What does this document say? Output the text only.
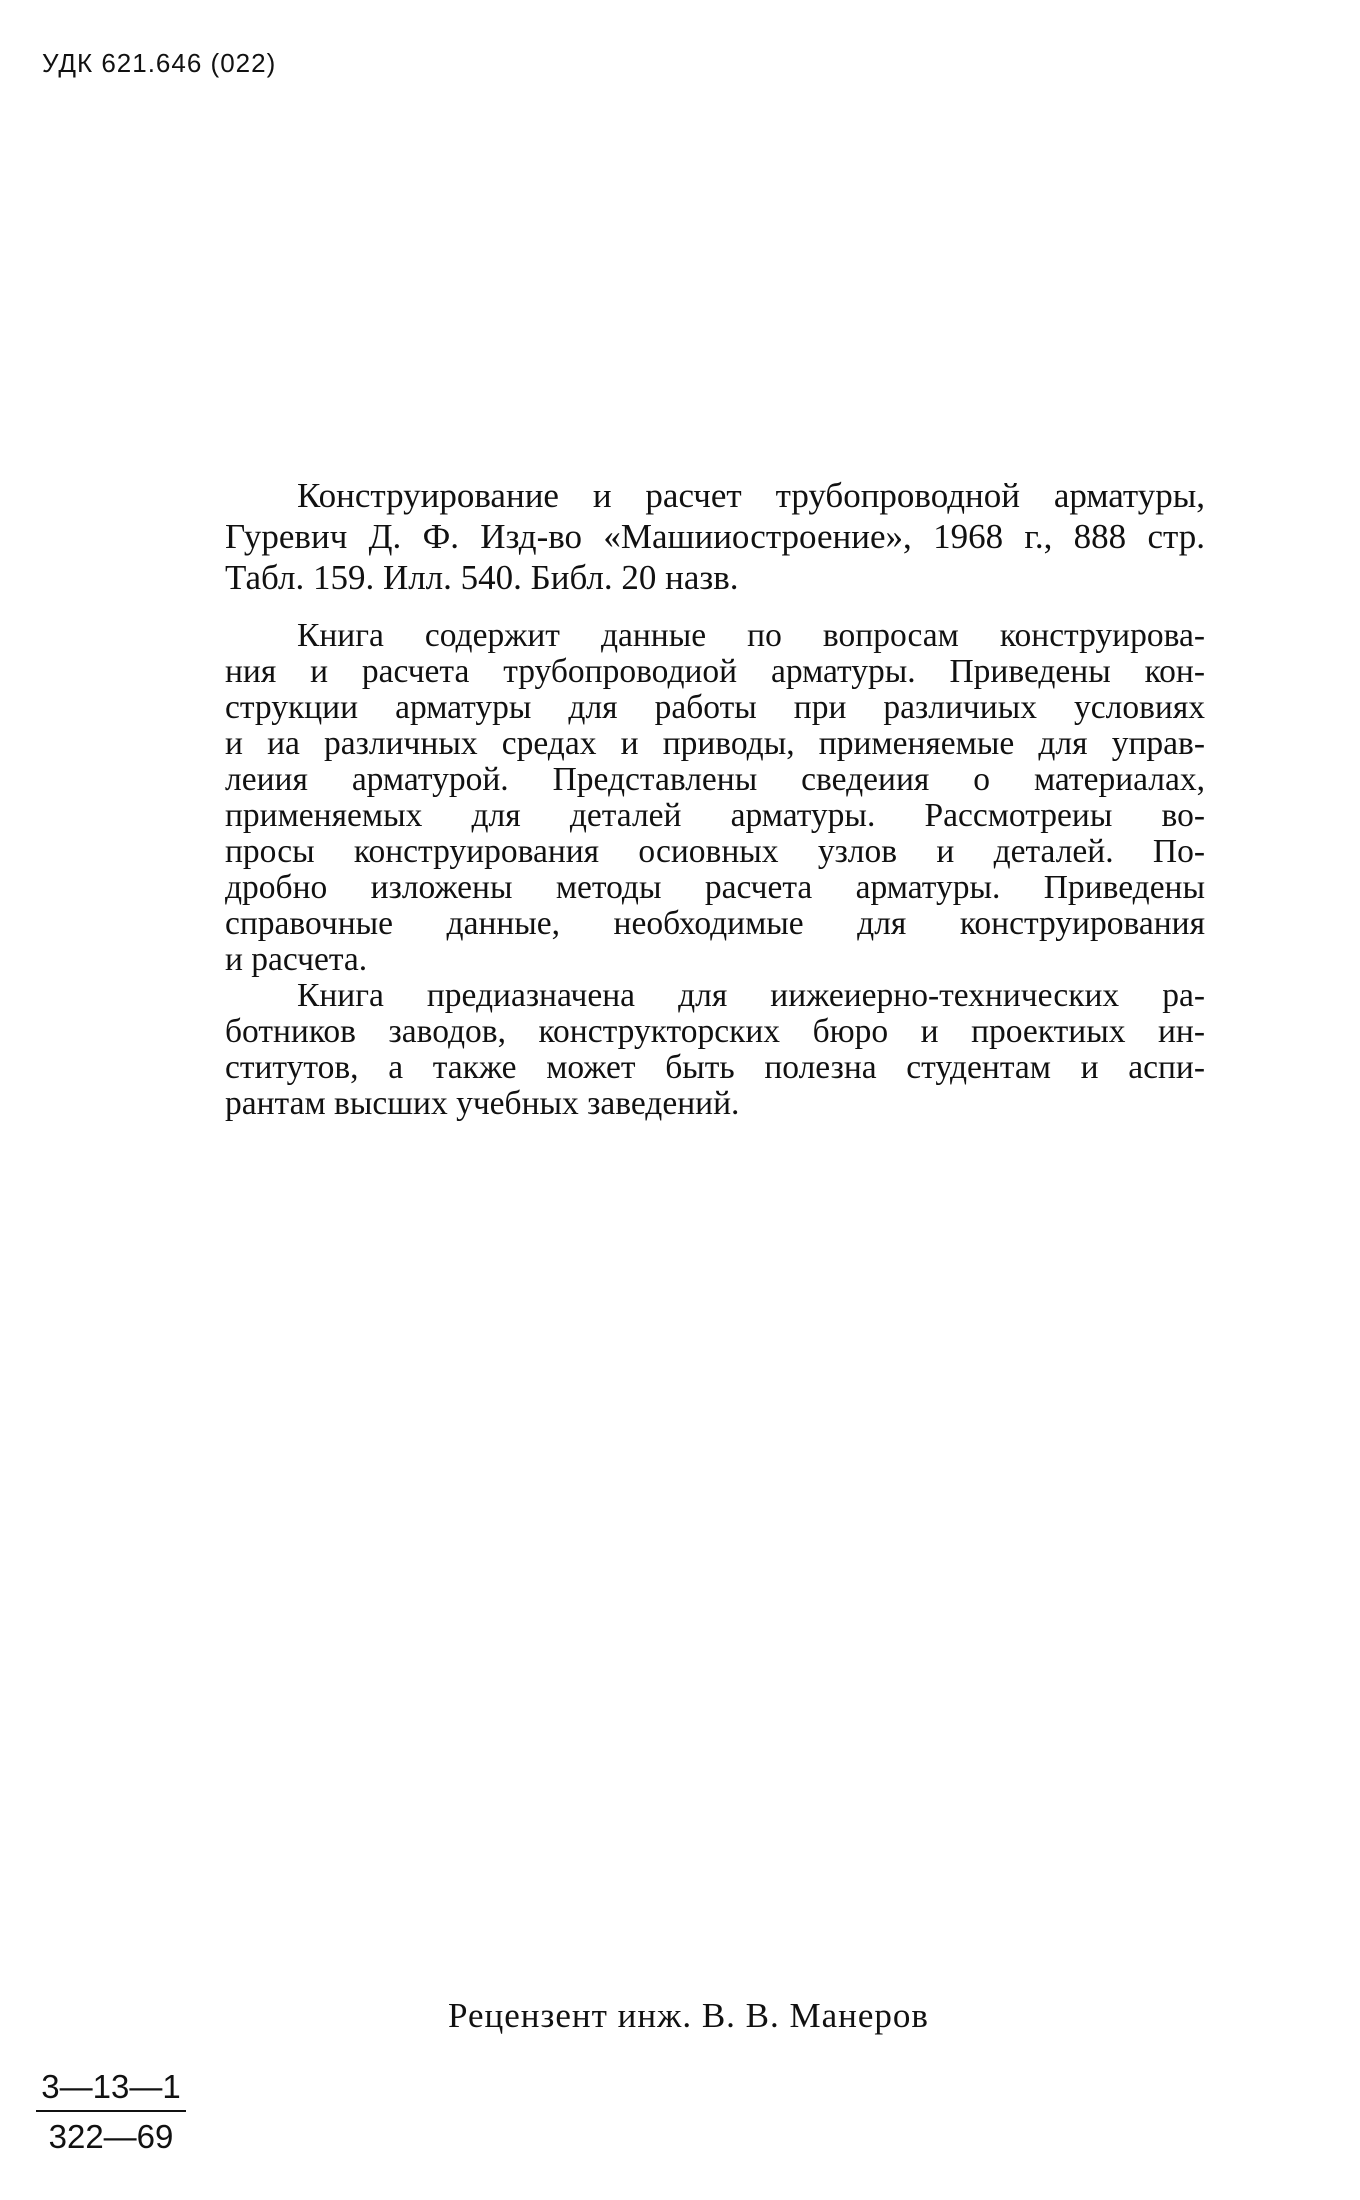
УДК 621.646 (022)
Конструирование и расчет трубопроводной арматуры,
Гуревич Д. Ф. Изд-во «Машииостроение», 1968 г., 888 стр.
Табл. 159. Илл. 540. Библ. 20 назв.
Книга содержит данные по вопросам конструирова-
ния и расчета трубопроводиой арматуры. Приведены кон-
струкции арматуры для работы при различиых условиях
и иа различных средах и приводы, применяемые для управ-
леиия арматурой. Представлены сведеиия о материалах,
применяемых для деталей арматуры. Рассмотреиы во-
просы конструирования осиовных узлов и деталей. По-
дробно изложены методы расчета арматуры. Приведены
справочные данные, необходимые для конструирования
и расчета.
Книга предиазначена для иижеиерно-технических ра-
ботников заводов, конструкторских бюро и проектиых ин-
ститутов, а также может быть полезна студентам и аспи-
рантам высших учебных заведений.
Рецензент инж. В. В. Манеров
$\frac{3—13—1}{322—69}$
